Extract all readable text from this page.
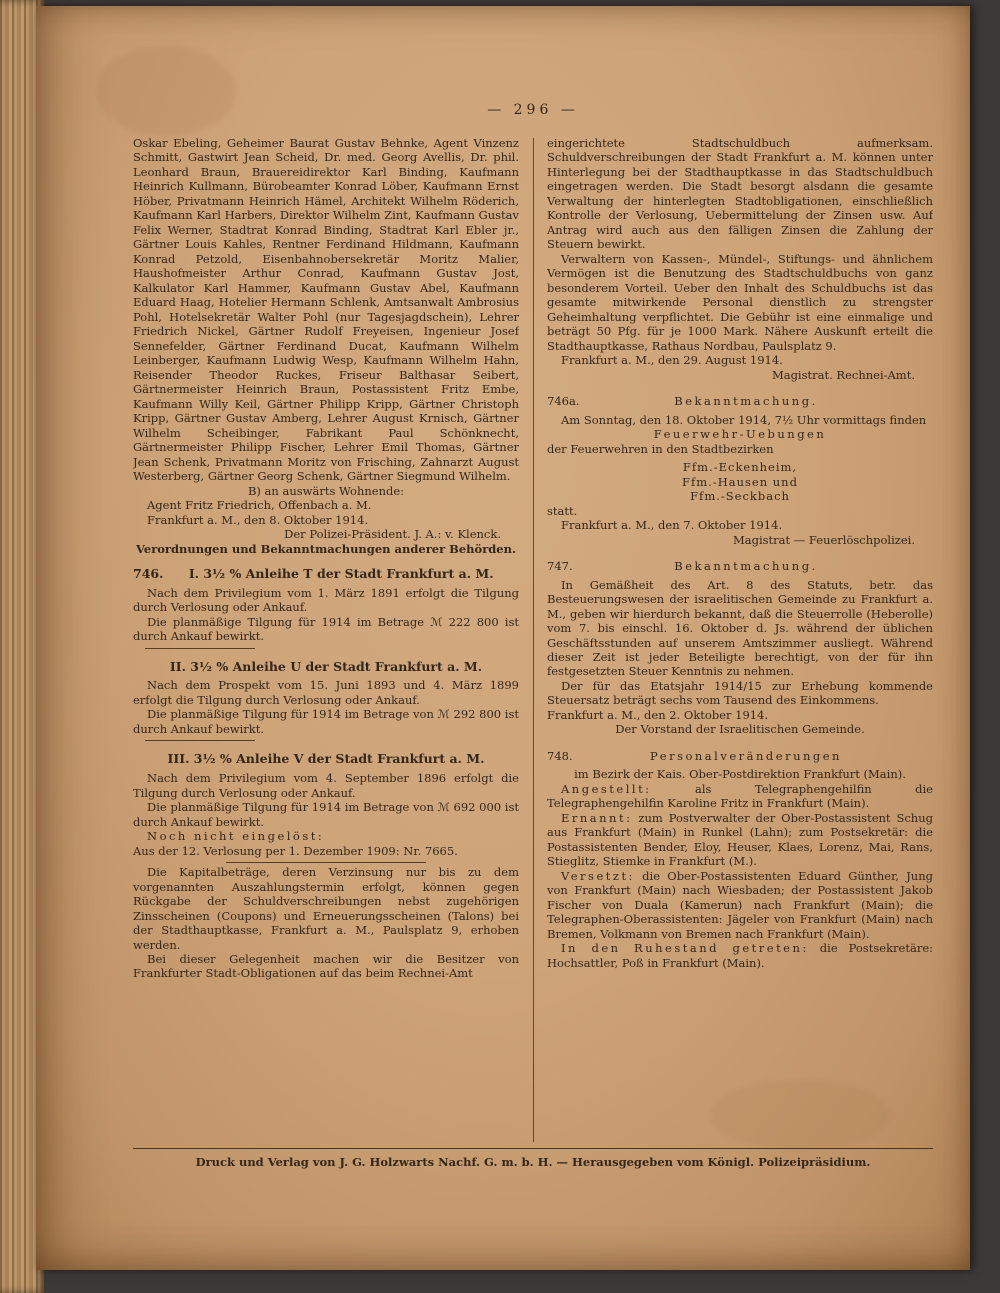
— 296 —

Oskar Ebeling, Geheimer Baurat Gustav Behnke, Agent Vinzenz Schmitt, Gastwirt Jean Scheid, Dr. med. Georg Avellis, Dr. phil. Leonhard Braun, Brauereidirektor Karl Binding, Kaufmann Heinrich Kullmann, Bürobeamter Konrad Löber, Kaufmann Ernst Höber, Privatmann Heinrich Hämel, Architekt Wilhelm Röderich, Kaufmann Karl Harbers, Direktor Wilhelm Zint, Kaufmann Gustav Felix Werner, Stadtrat Konrad Binding, Stadtrat Karl Ebler jr., Gärtner Louis Kahles, Rentner Ferdinand Hildmann, Kaufmann Konrad Petzold, Eisenbahnobersekretär Moritz Malier, Haushofmeister Arthur Conrad, Kaufmann Gustav Jost, Kalkulator Karl Hammer, Kaufmann Gustav Abel, Kaufmann Eduard Haag, Hotelier Hermann Schlenk, Amtsanwalt Ambrosius Pohl, Hotelsekretär Walter Pohl (nur Tagesjagdschein), Lehrer Friedrich Nickel, Gärtner Rudolf Freyeisen, Ingenieur Josef Sennefelder, Gärtner Ferdinand Ducat, Kaufmann Wilhelm Leinberger, Kaufmann Ludwig Wesp, Kaufmann Wilhelm Hahn, Reisender Theodor Ruckes, Friseur Balthasar Seibert, Gärtnermeister Heinrich Braun, Postassistent Fritz Embe, Kaufmann Willy Keil, Gärtner Philipp Kripp, Gärtner Christoph Kripp, Gärtner Gustav Amberg, Lehrer August Krnisch, Gärtner Wilhelm Scheibinger, Fabrikant Paul Schönknecht, Gärtnermeister Philipp Fischer, Lehrer Emil Thomas, Gärtner Jean Schenk, Privatmann Moritz von Frisching, Zahnarzt August Westerberg, Gärtner Georg Schenk, Gärtner Siegmund Wilhelm.

B) an auswärts Wohnende:

Agent Fritz Friedrich, Offenbach a. M.

Frankfurt a. M., den 8. Oktober 1914.

Der Polizei-Präsident. J. A.: v. Klenck.

Verordnungen und Bekanntmachungen anderer Behörden.

746. I. 3½ % Anleihe T der Stadt Frankfurt a. M.

Nach dem Privilegium vom 1. März 1891 erfolgt die Tilgung durch Verlosung oder Ankauf.

Die planmäßige Tilgung für 1914 im Betrage ℳ 222 800 ist durch Ankauf bewirkt.

II. 3½ % Anleihe U der Stadt Frankfurt a. M.

Nach dem Prospekt vom 15. Juni 1893 und 4. März 1899 erfolgt die Tilgung durch Verlosung oder Ankauf.

Die planmäßige Tilgung für 1914 im Betrage von ℳ 292 800 ist durch Ankauf bewirkt.

III. 3½ % Anleihe V der Stadt Frankfurt a. M.

Nach dem Privilegium vom 4. September 1896 erfolgt die Tilgung durch Verlosung oder Ankauf.

Die planmäßige Tilgung für 1914 im Betrage von ℳ 692 000 ist durch Ankauf bewirkt.

Noch nicht eingelöst:

Aus der 12. Verlosung per 1. Dezember 1909: Nr. 7665.

Die Kapitalbeträge, deren Verzinsung nur bis zu dem vorgenannten Auszahlungstermin erfolgt, können gegen Rückgabe der Schuldverschreibungen nebst zugehörigen Zinsscheinen (Coupons) und Erneuerungsscheinen (Talons) bei der Stadthauptkasse, Frankfurt a. M., Paulsplatz 9, erhoben werden.

Bei dieser Gelegenheit machen wir die Besitzer von Frankfurter Stadt-Obligationen auf das beim Rechnei-Amt

eingerichtete Stadtschuldbuch aufmerksam. Schuldverschreibungen der Stadt Frankfurt a. M. können unter Hinterlegung bei der Stadthauptkasse in das Stadtschuldbuch eingetragen werden. Die Stadt besorgt alsdann die gesamte Verwaltung der hinterlegten Stadtobligationen, einschließlich Kontrolle der Verlosung, Uebermittelung der Zinsen usw. Auf Antrag wird auch aus den fälligen Zinsen die Zahlung der Steuern bewirkt.

Verwaltern von Kassen-, Mündel-, Stiftungs- und ähnlichem Vermögen ist die Benutzung des Stadtschuldbuchs von ganz besonderem Vorteil. Ueber den Inhalt des Schuldbuchs ist das gesamte mitwirkende Personal dienstlich zu strengster Geheimhaltung verpflichtet. Die Gebühr ist eine einmalige und beträgt 50 Pfg. für je 1000 Mark. Nähere Auskunft erteilt die Stadthauptkasse, Rathaus Nordbau, Paulsplatz 9.

Frankfurt a. M., den 29. August 1914.

Magistrat. Rechnei-Amt.

746a.	Bekanntmachung.

Am Sonntag, den 18. Oktober 1914, 7½ Uhr vormittags finden

Feuerwehr-Uebungen

der Feuerwehren in den Stadtbezirken

Ffm.-Eckenheim,
Ffm.-Hausen und
Ffm.-Seckbach

statt.

Frankfurt a. M., den 7. Oktober 1914.

Magistrat — Feuerlöschpolizei.

747.	Bekanntmachung.

In Gemäßheit des Art. 8 des Statuts, betr. das Besteuerungswesen der israelitischen Gemeinde zu Frankfurt a. M., geben wir hierdurch bekannt, daß die Steuerrolle (Heberolle) vom 7. bis einschl. 16. Oktober d. Js. während der üblichen Geschäftsstunden auf unserem Amtszimmer ausliegt. Während dieser Zeit ist jeder Beteiligte berechtigt, von der für ihn festgesetzten Steuer Kenntnis zu nehmen.

Der für das Etatsjahr 1914/15 zur Erhebung kommende Steuersatz beträgt sechs vom Tausend des Einkommens.

Frankfurt a. M., den 2. Oktober 1914.

Der Vorstand der Israelitischen Gemeinde.

748.	Personalveränderungen

im Bezirk der Kais. Ober-Postdirektion Frankfurt (Main).

Angestellt: als Telegraphengehilfin die Telegraphengehilfin Karoline Fritz in Frankfurt (Main).

Ernannt: zum Postverwalter der Ober-Postassistent Schug aus Frankfurt (Main) in Runkel (Lahn); zum Postsekretär: die Postassistenten Bender, Eloy, Heuser, Klaes, Lorenz, Mai, Rans, Stieglitz, Stiemke in Frankfurt (M.).

Versetzt: die Ober-Postassistenten Eduard Günther, Jung von Frankfurt (Main) nach Wiesbaden; der Postassistent Jakob Fischer von Duala (Kamerun) nach Frankfurt (Main); die Telegraphen-Oberassistenten: Jägeler von Frankfurt (Main) nach Bremen, Volkmann von Bremen nach Frankfurt (Main).

In den Ruhestand getreten: die Postsekretäre: Hochsattler, Poß in Frankfurt (Main).

Druck und Verlag von J. G. Holzwarts Nachf. G. m. b. H. — Herausgegeben vom Königl. Polizeipräsidium.
